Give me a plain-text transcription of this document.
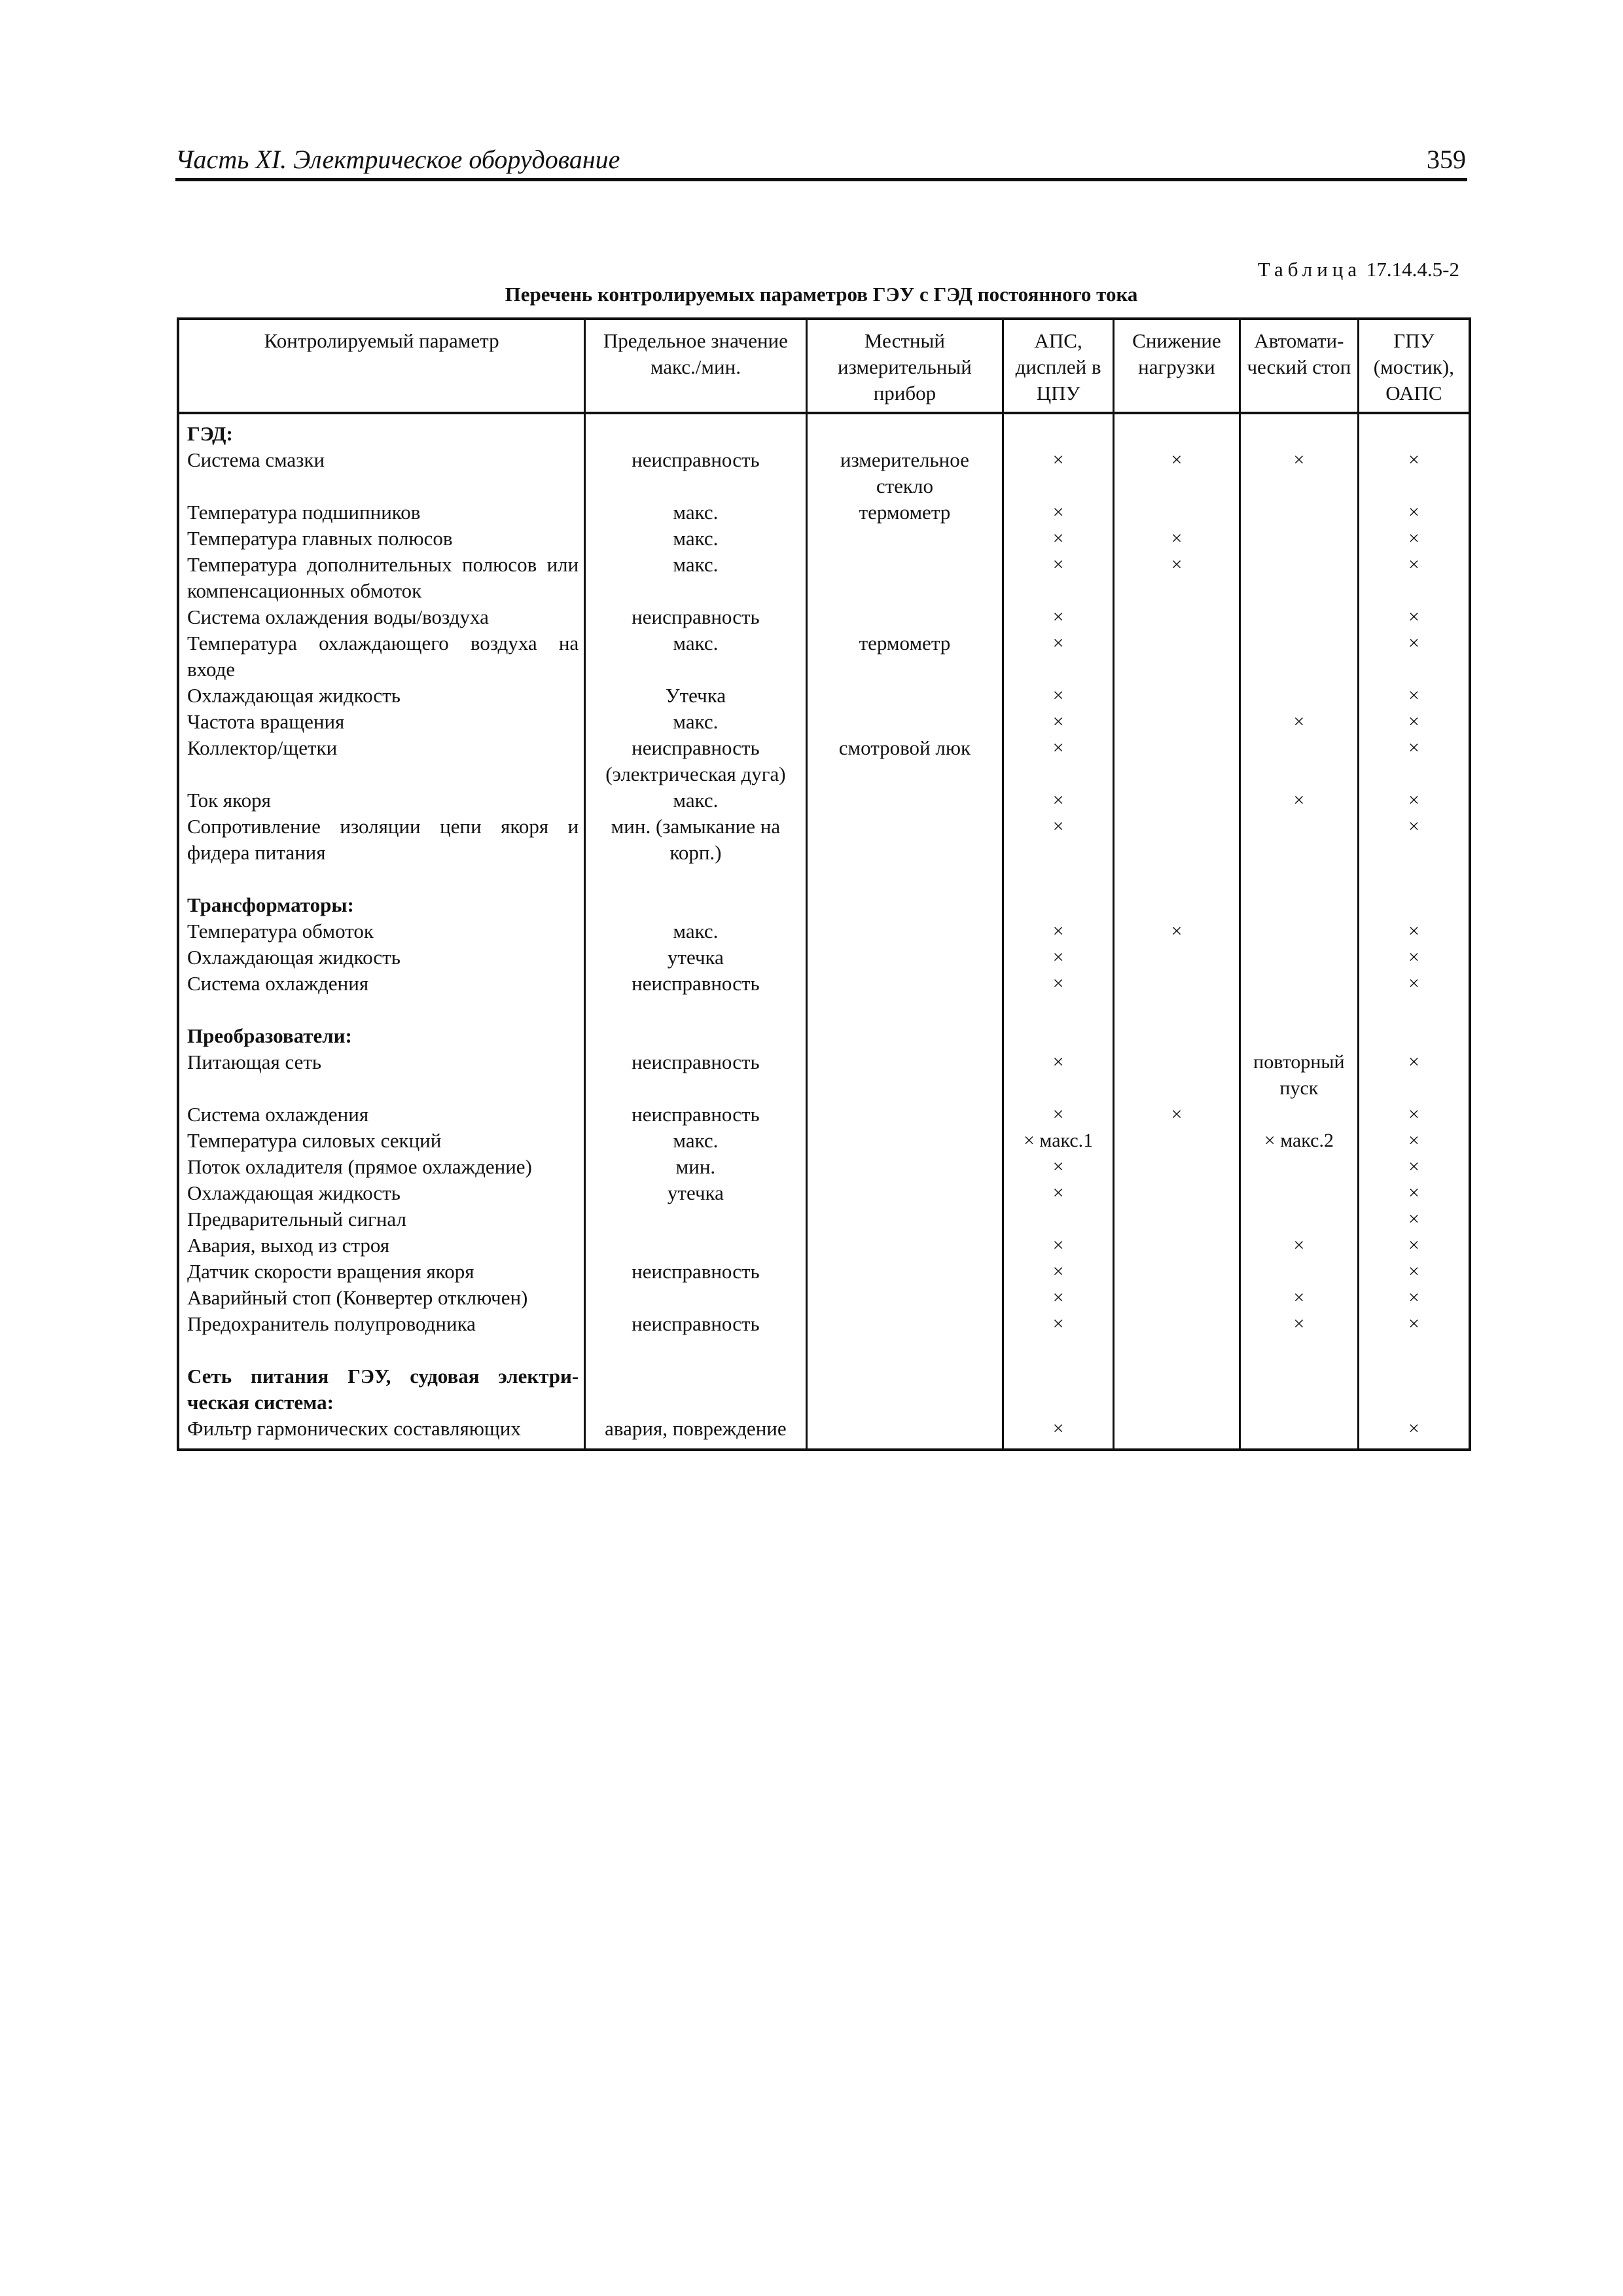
Часть XI. Электрическое оборудование	359
Таблица 17.14.4.5-2
Перечень контролируемых параметров ГЭУ с ГЭД постоянного тока
Контролируемый параметр	Предельное значение макс./мин.	Местный измерительный прибор	АПС, дисплей в ЦПУ	Снижение нагрузки	Автомати-ческий стоп	ГПУ (мостик), ОАПС
ГЭД:						
Система смазки	неисправность	измерительное стекло	×	×	×	×
Температура подшипников	макс.	термометр	×			×
Температура главных полюсов	макс.		×	×		×
Температура дополнительных полюсов или компенсационных обмоток	макс.		×	×		×
Система охлаждения воды/воздуха	неисправность		×			×
Температура охлаждающего воздуха на входе	макс.	термометр	×			×
Охлаждающая жидкость	Утечка		×			×
Частота вращения	макс.		×		×	×
Коллектор/щетки	неисправность (электрическая дуга)	смотровой люк	×			×
Ток якоря	макс.		×		×	×
Сопротивление изоляции цепи якоря и фидера питания	мин. (замыкание на корп.)		×			×

Трансформаторы:						
Температура обмоток	макс.		×	×		×
Охлаждающая жидкость	утечка		×			×
Система охлаждения	неисправность		×			×

Преобразователи:						
Питающая сеть	неисправность		×		повторный пуск	×
Система охлаждения	неисправность		×	×		×
Температура силовых секций	макс.		× макс.1		× макс.2	×
Поток охладителя (прямое охлаждение)	мин.		×			×
Охлаждающая жидкость	утечка		×			×
Предварительный сигнал						×
Авария, выход из строя			×		×	×
Датчик скорости вращения якоря	неисправность		×			×
Аварийный стоп (Конвертер отключен)			×		×	×
Предохранитель полупроводника	неисправность		×		×	×

Сеть питания ГЭУ, судовая электри-ческая система:						
Фильтр гармонических составляющих	авария, повреждение		×			×
